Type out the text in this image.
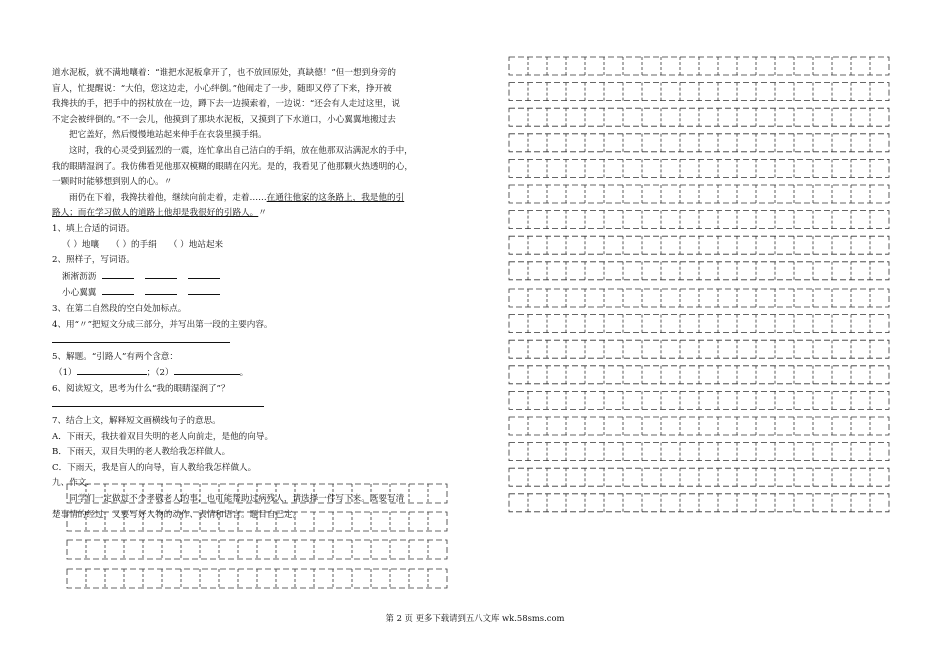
道水泥板，就不满地嚷着：“谁把水泥板拿开了，也不放回原处，真缺德！”但一想到身旁的

盲人，忙提醒说：“大伯，您这边走，小心绊倒。”他闹走了一步，随即又停了下来，挣开被

我搀扶的手，把手中的拐杖放在一边，蹲下去一边摸索着，一边说：“还会有人走过这里，说

不定会被绊倒的。”不一会儿，他摸到了那块水泥板，又摸到了下水道口，小心翼翼地搬过去

把它盖好，然后慢慢地站起来伸手在衣袋里摸手绢。

这时，我的心灵受到猛烈的一震，连忙拿出自己洁白的手绢，放在他那双沾满泥水的手中，

我的眼睛湿润了。我仿佛看见他那双模糊的眼睛在闪光。是的，我看见了他那颗火热透明的心，

一颗时时能够想到别人的心。〃

雨仍在下着，我搀扶着他，继续向前走着，走着……在通往他家的这条路上，我是他的引

路人；而在学习做人的道路上他却是我很好的引路人。〃

1、填上合适的词语。

（ ）地嚷 （ ）的手绢 （ ）地站起来

2、照样子，写词语。

淅淅沥沥

小心翼翼

3、在第二自然段的空白处加标点。

4、用“〃”把短文分成三部分，并写出第一段的主要内容。

5、解题。“引路人”有两个含意：

（1）	；（2）	。

6、阅读短文，思考为什么“我的眼睛湿润了”？

7、结合上文，解释短文画横线句子的意思。

A．下雨天，我扶着双目失明的老人向前走，是他的向导。

B．下雨天，双目失明的老人教给我怎样做人。

C．下雨天，我是盲人的向导，盲人教给我怎样做人。

九、作文.

同学们一定做过不少孝敬老人的事，也可能帮助过病残人，请选择一件写下来。既要写清

楚事情的经过，又要写好人物的动作、表情和语言。题目自己定。

第 2 页 更多下载请到五八文库 wk.58sms.com
